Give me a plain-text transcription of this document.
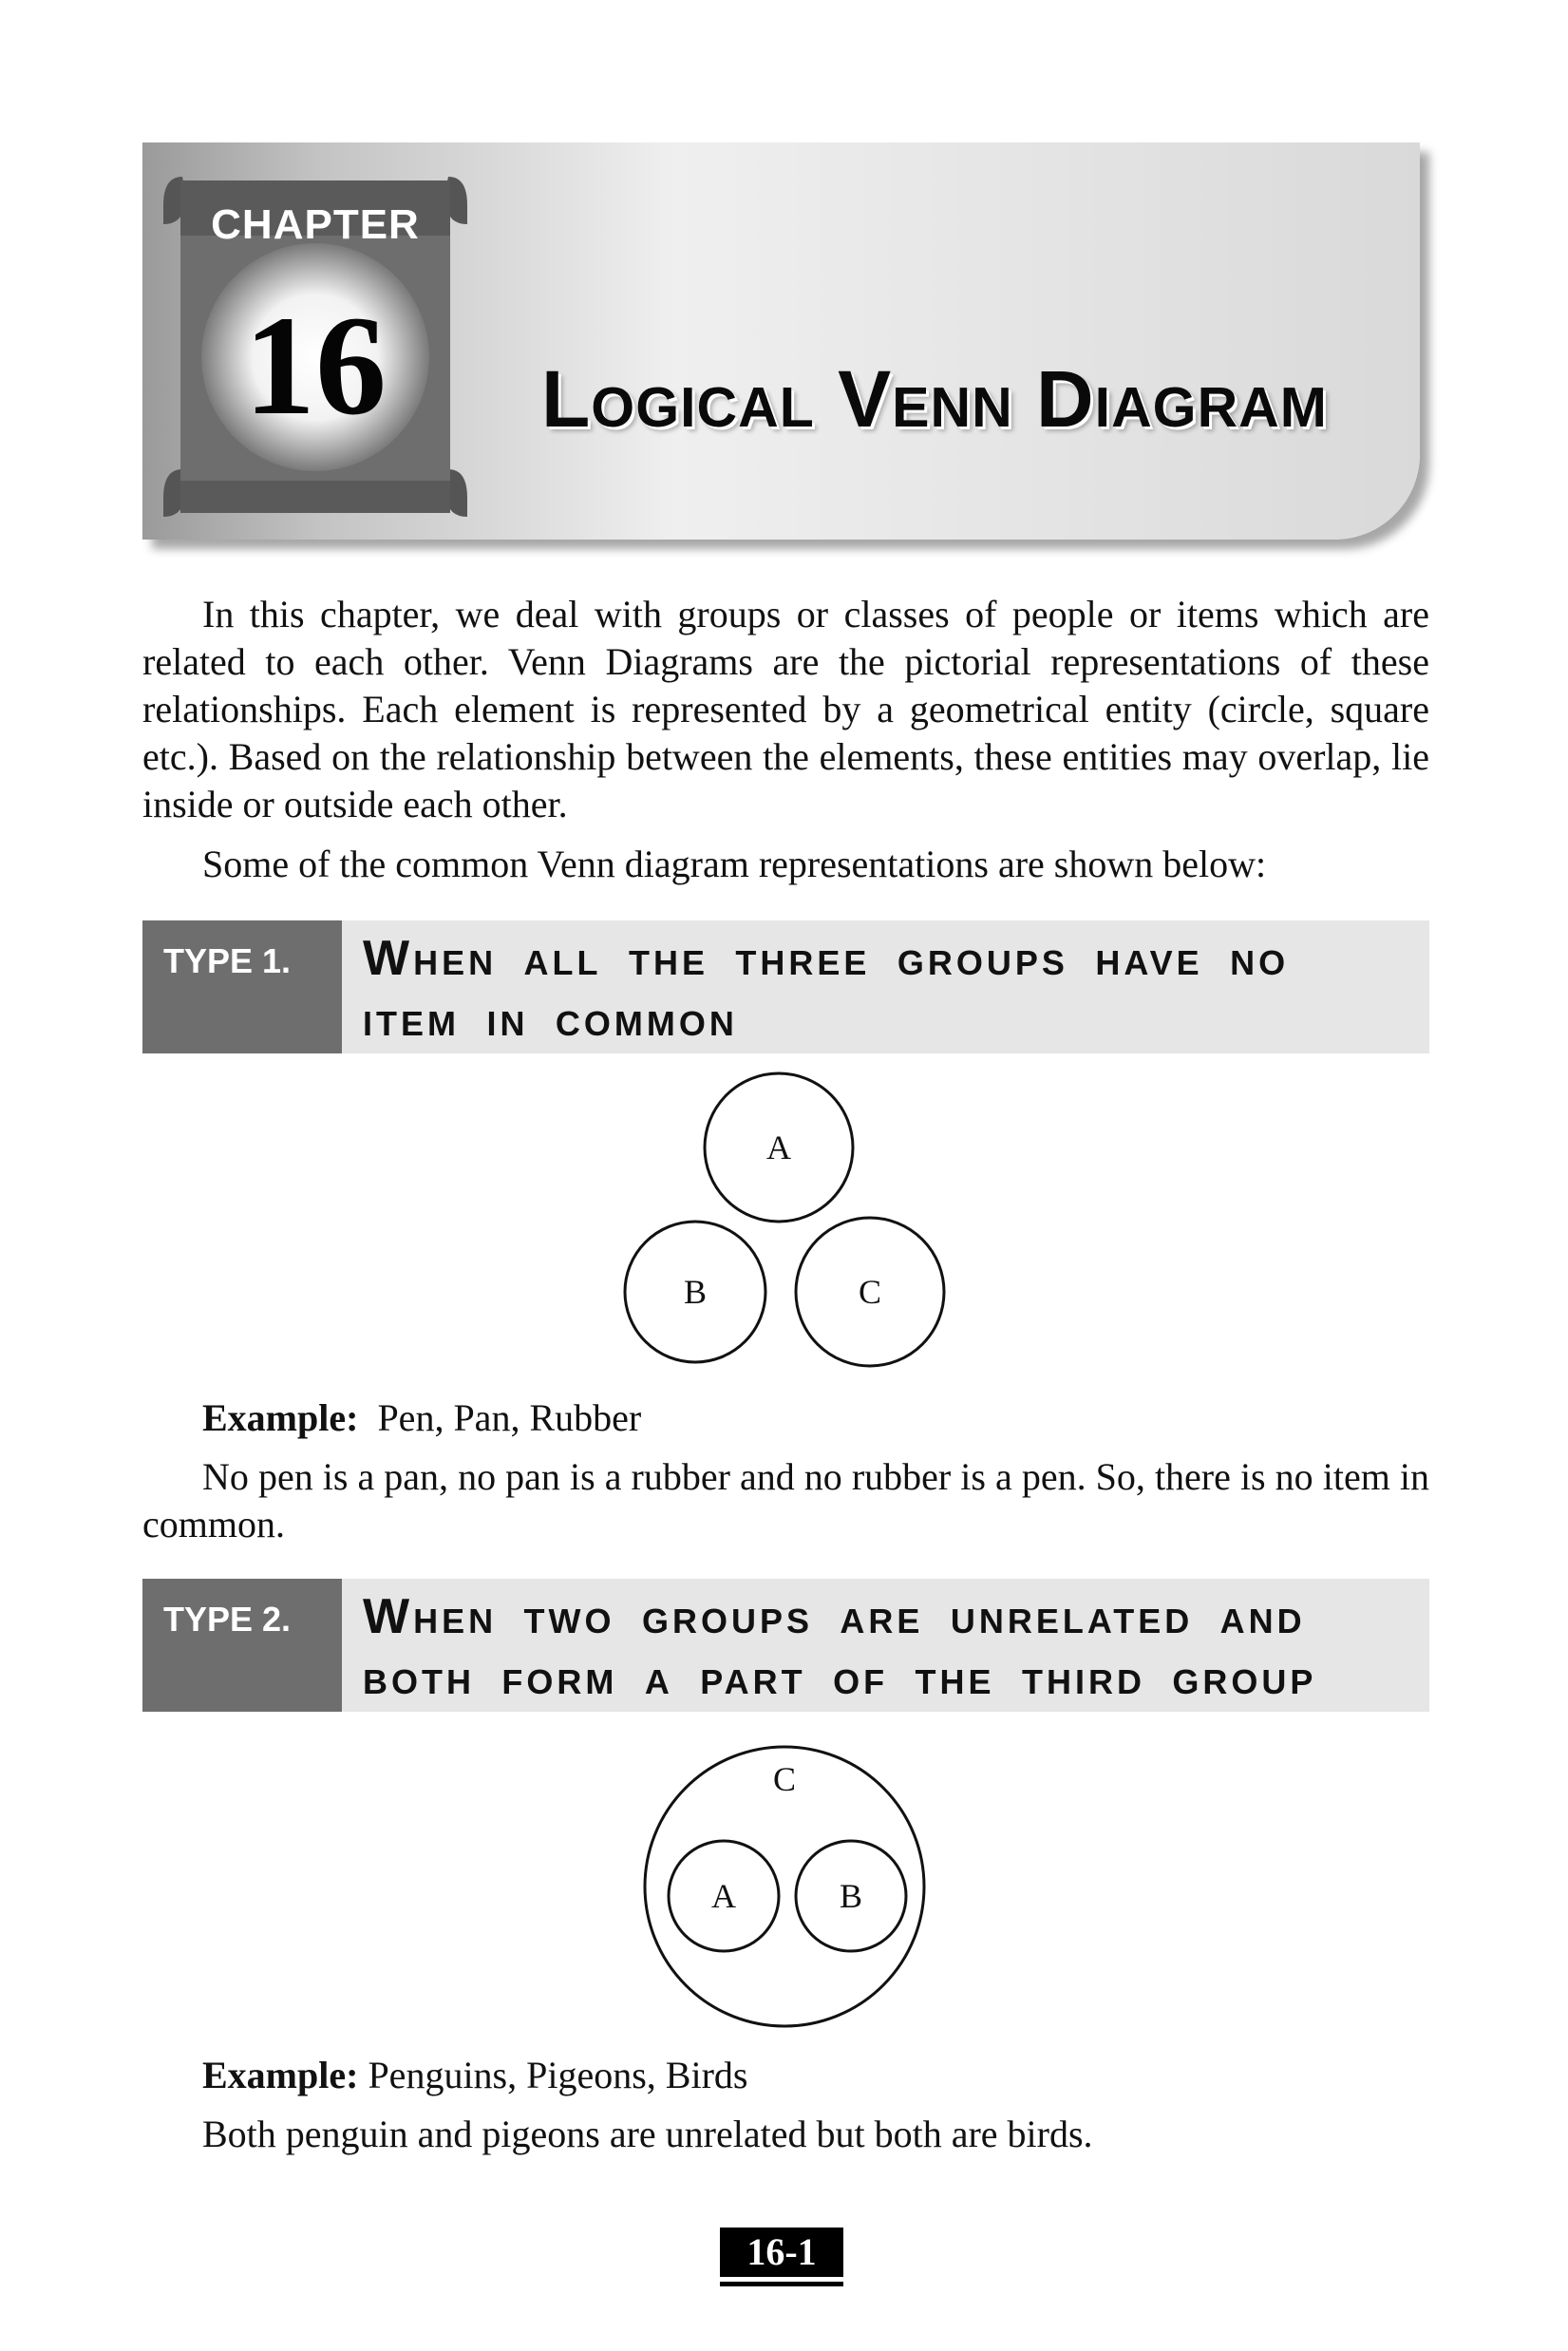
CHAPTER
16	Logical Venn Diagram
In this chapter, we deal with groups or classes of people or items which are related to each other. Venn Diagrams are the pictorial representations of these relationships. Each element is represented by a geometrical entity (circle, square etc.). Based on the relationship between the elements, these entities may overlap, lie inside or outside each other.
Some of the common Venn diagram representations are shown below:
TYPE 1.	When all the three groups have no item in common
A
B	C
Example: Pen, Pan, Rubber
No pen is a pan, no pan is a rubber and no rubber is a pen. So, there is no item in common.
TYPE 2.	When two groups are unrelated and both form a part of the third group
C
A	B
Example: Penguins, Pigeons, Birds
Both penguin and pigeons are unrelated but both are birds.
16-1
